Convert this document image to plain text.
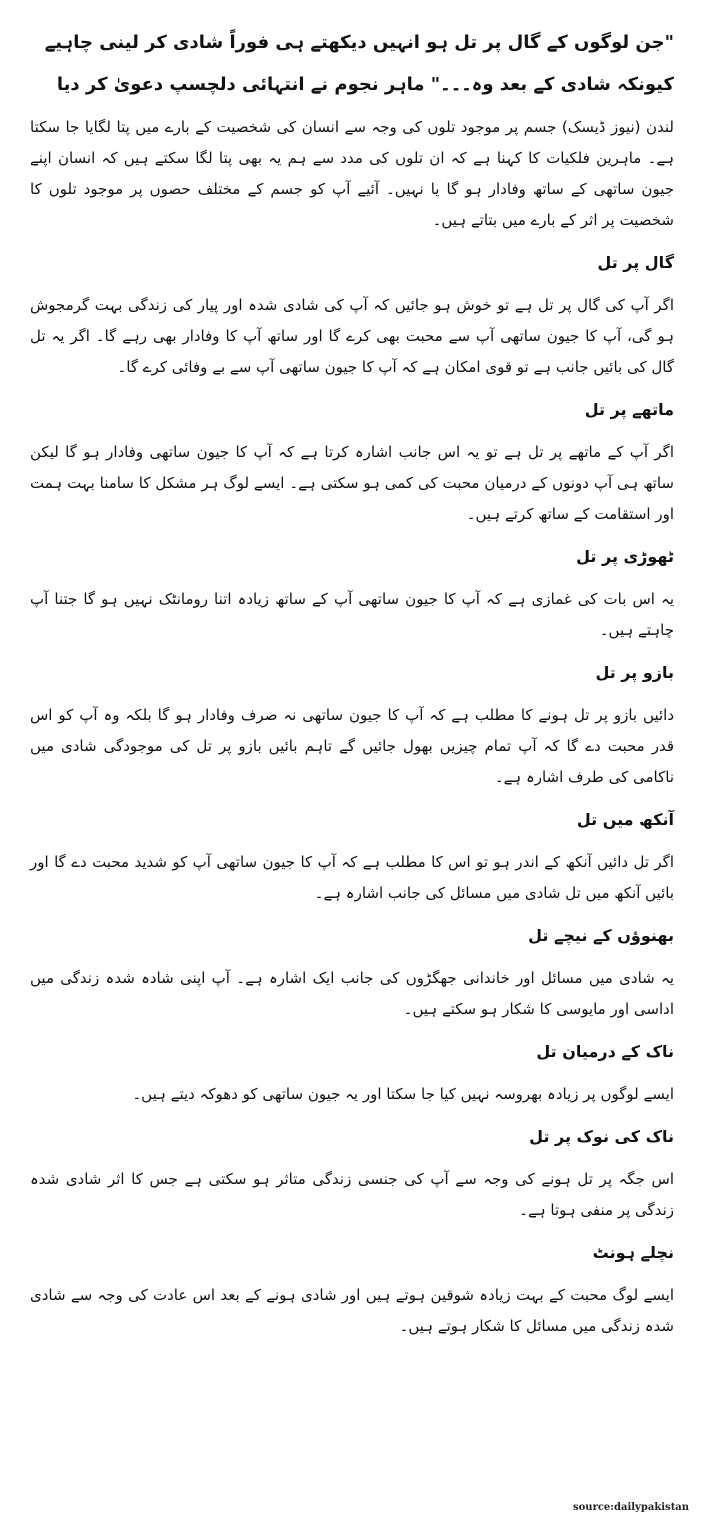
"جن لوگوں کے گال پر تل ہو انہیں دیکھتے ہی فوراً شادی کر لینی چاہیے کیونکہ شادی کے بعد وہ۔۔۔" ماہر نجوم نے انتہائی دلچسپ دعویٰ کر دیا
لندن (نیوز ڈیسک) جسم پر موجود تلوں کی وجہ سے انسان کی شخصیت کے بارے میں پتا لگایا جا سکتا ہے۔ ماہرین فلکیات کا کہنا ہے کہ ان تلوں کی مدد سے ہم یہ بھی پتا لگا سکتے ہیں کہ انسان اپنے جیون ساتھی کے ساتھ وفادار ہو گا یا نہیں۔ آئیے آپ کو جسم کے مختلف حصوں پر موجود تلوں کا شخصیت پر اثر کے بارے میں بتاتے ہیں۔
گال پر تل
اگر آپ کی گال پر تل ہے تو خوش ہو جائیں کہ آپ کی شادی شدہ اور پیار کی زندگی بہت گرمجوش ہو گی، آپ کا جیون ساتھی آپ سے محبت بھی کرے گا اور ساتھ آپ کا وفادار بھی رہے گا۔ اگر یہ تل گال کی بائیں جانب ہے تو قوی امکان ہے کہ آپ کا جیون ساتھی آپ سے بے وفائی کرے گا۔
ماتھے پر تل
اگر آپ کے ماتھے پر تل ہے تو یہ اس جانب اشارہ کرتا ہے کہ آپ کا جیون ساتھی وفادار ہو گا لیکن ساتھ ہی آپ دونوں کے درمیان محبت کی کمی ہو سکتی ہے۔ ایسے لوگ ہر مشکل کا سامنا بہت ہمت اور استقامت کے ساتھ کرتے ہیں۔
ٹھوڑی پر تل
یہ اس بات کی غمازی ہے کہ آپ کا جیون ساتھی آپ کے ساتھ زیادہ اتنا رومانٹک نہیں ہو گا جتنا آپ چاہتے ہیں۔
بازو پر تل
دائیں بازو پر تل ہونے کا مطلب ہے کہ آپ کا جیون ساتھی نہ صرف وفادار ہو گا بلکہ وہ آپ کو اس قدر محبت دے گا کہ آپ تمام چیزیں بھول جائیں گے تاہم بائیں بازو پر تل کی موجودگی شادی میں ناکامی کی طرف اشارہ ہے۔
آنکھ میں تل
اگر تل دائیں آنکھ کے اندر ہو تو اس کا مطلب ہے کہ آپ کا جیون ساتھی آپ کو شدید محبت دے گا اور بائیں آنکھ میں تل شادی میں مسائل کی جانب اشارہ ہے۔
بھنوؤں کے نیچے تل
یہ شادی میں مسائل اور خاندانی جھگڑوں کی جانب ایک اشارہ ہے۔ آپ اپنی شادہ شدہ زندگی میں اداسی اور مایوسی کا شکار ہو سکتے ہیں۔
ناک کے درمیان تل
ایسے لوگوں پر زیادہ بھروسہ نہیں کیا جا سکتا اور یہ جیون ساتھی کو دھوکہ دیتے ہیں۔
ناک کی نوک پر تل
اس جگہ پر تل ہونے کی وجہ سے آپ کی جنسی زندگی متاثر ہو سکتی ہے جس کا اثر شادی شدہ زندگی پر منفی ہوتا ہے۔
نچلے ہونٹ
ایسے لوگ محبت کے بہت زیادہ شوقین ہوتے ہیں اور شادی ہونے کے بعد اس عادت کی وجہ سے شادی شدہ زندگی میں مسائل کا شکار ہوتے ہیں۔
source:dailypakistan
